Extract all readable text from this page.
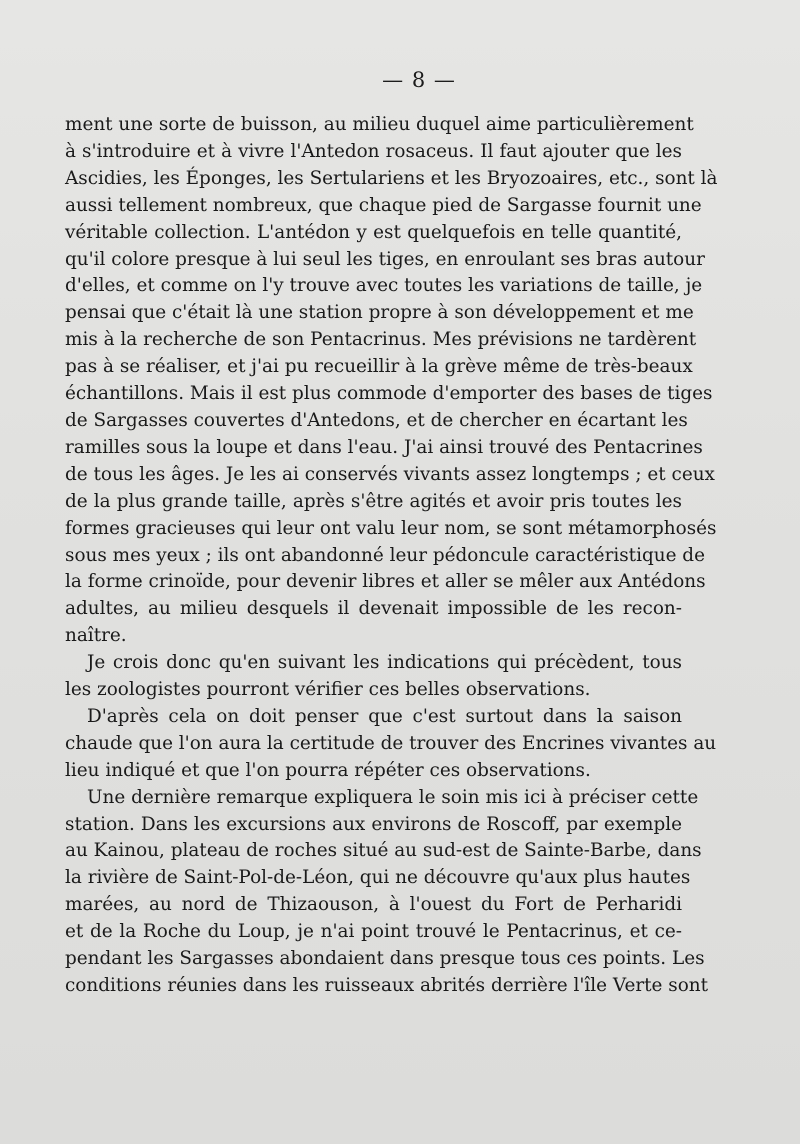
— 8 —
ment une sorte de buisson, au milieu duquel aime particulièrement
à s'introduire et à vivre l'Antedon rosaceus. Il faut ajouter que les
Ascidies, les Éponges, les Sertulariens et les Bryozoaires, etc., sont là
aussi tellement nombreux, que chaque pied de Sargasse fournit une
véritable collection. L'antédon y est quelquefois en telle quantité,
qu'il colore presque à lui seul les tiges, en enroulant ses bras autour
d'elles, et comme on l'y trouve avec toutes les variations de taille, je
pensai que c'était là une station propre à son développement et me
mis à la recherche de son Pentacrinus. Mes prévisions ne tardèrent
pas à se réaliser, et j'ai pu recueillir à la grève même de très-beaux
échantillons. Mais il est plus commode d'emporter des bases de tiges
de Sargasses couvertes d'Antedons, et de chercher en écartant les
ramilles sous la loupe et dans l'eau. J'ai ainsi trouvé des Pentacrines
de tous les âges. Je les ai conservés vivants assez longtemps ; et ceux
de la plus grande taille, après s'être agités et avoir pris toutes les
formes gracieuses qui leur ont valu leur nom, se sont métamorphosés
sous mes yeux ; ils ont abandonné leur pédoncule caractéristique de
la forme crinoïde, pour devenir libres et aller se mêler aux Antédons
adultes, au milieu desquels il devenait impossible de les recon-
naître.
Je crois donc qu'en suivant les indications qui précèdent, tous
les zoologistes pourront vérifier ces belles observations.
D'après cela on doit penser que c'est surtout dans la saison
chaude que l'on aura la certitude de trouver des Encrines vivantes au
lieu indiqué et que l'on pourra répéter ces observations.
Une dernière remarque expliquera le soin mis ici à préciser cette
station. Dans les excursions aux environs de Roscoff, par exemple
au Kainou, plateau de roches situé au sud-est de Sainte-Barbe, dans
la rivière de Saint-Pol-de-Léon, qui ne découvre qu'aux plus hautes
marées, au nord de Thizaouson, à l'ouest du Fort de Perharidi
et de la Roche du Loup, je n'ai point trouvé le Pentacrinus, et ce-
pendant les Sargasses abondaient dans presque tous ces points. Les
conditions réunies dans les ruisseaux abrités derrière l'île Verte sont
